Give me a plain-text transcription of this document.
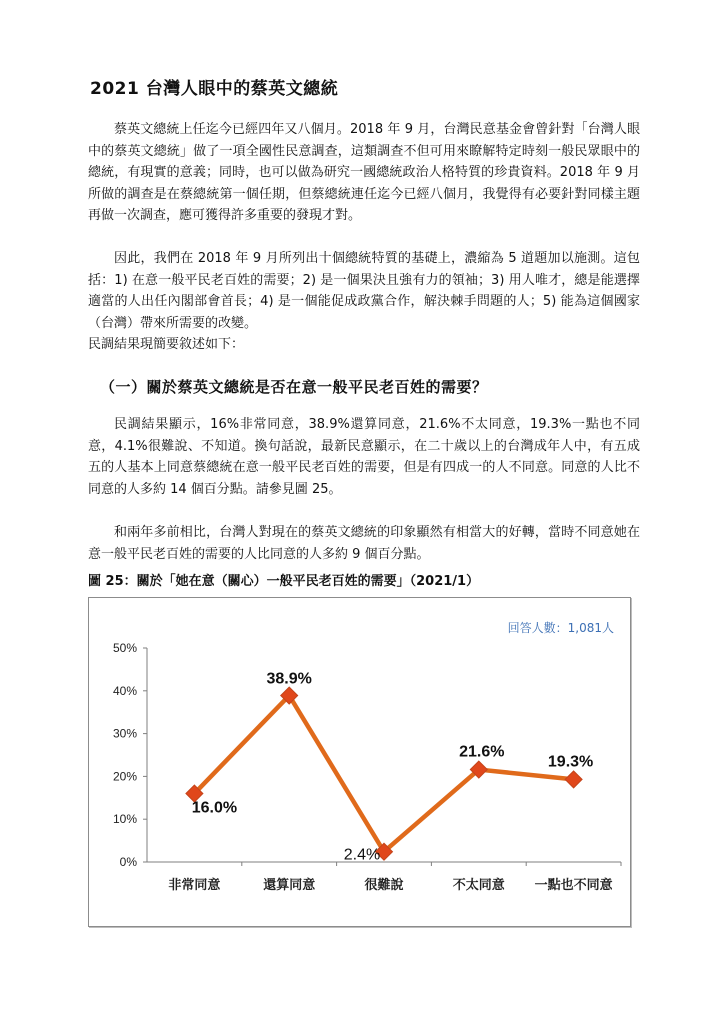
2021 台灣人眼中的蔡英文總統
蔡英文總統上任迄今已經四年又八個月。2018 年 9 月，台灣民意基金會曾針對「台灣人眼中的蔡英文總統」做了一項全國性民意調查，這類調查不但可用來瞭解特定時刻一般民眾眼中的總統，有現實的意義；同時，也可以做為研究一國總統政治人格特質的珍貴資料。2018 年 9 月所做的調查是在蔡總統第一個任期，但蔡總統連任迄今已經八個月，我覺得有必要針對同樣主題再做一次調查，應可獲得許多重要的發現才對。
因此，我們在 2018 年 9 月所列出十個總統特質的基礎上，濃縮為 5 道題加以施測。這包括：1) 在意一般平民老百姓的需要；2) 是一個果決且強有力的領袖；3) 用人唯才，總是能選擇適當的人出任內閣部會首長；4) 是一個能促成政黨合作，解決棘手問題的人；5) 能為這個國家（台灣）帶來所需要的改變。
民調結果現簡要敘述如下：
（一）關於蔡英文總統是否在意一般平民老百姓的需要？
民調結果顯示，16%非常同意，38.9%還算同意，21.6%不太同意，19.3%一點也不同意，4.1%很難說、不知道。換句話說，最新民意顯示，在二十歲以上的台灣成年人中，有五成五的人基本上同意蔡總統在意一般平民老百姓的需要，但是有四成一的人不同意。同意的人比不同意的人多約 14 個百分點。請參見圖 25。
和兩年多前相比，台灣人對現在的蔡英文總統的印象顯然有相當大的好轉，當時不同意她在意一般平民老百姓的需要的人比同意的人多約 9 個百分點。
圖 25：關於「她在意（關心）一般平民老百姓的需要」（2021/1）
0%
10%
20%
30%
40%
50%
非常同意	還算同意	很難說	不太同意 一點也不同意
16.0%
38.9%
2.4%
21.6%
19.3%
回答人數：1,081人
